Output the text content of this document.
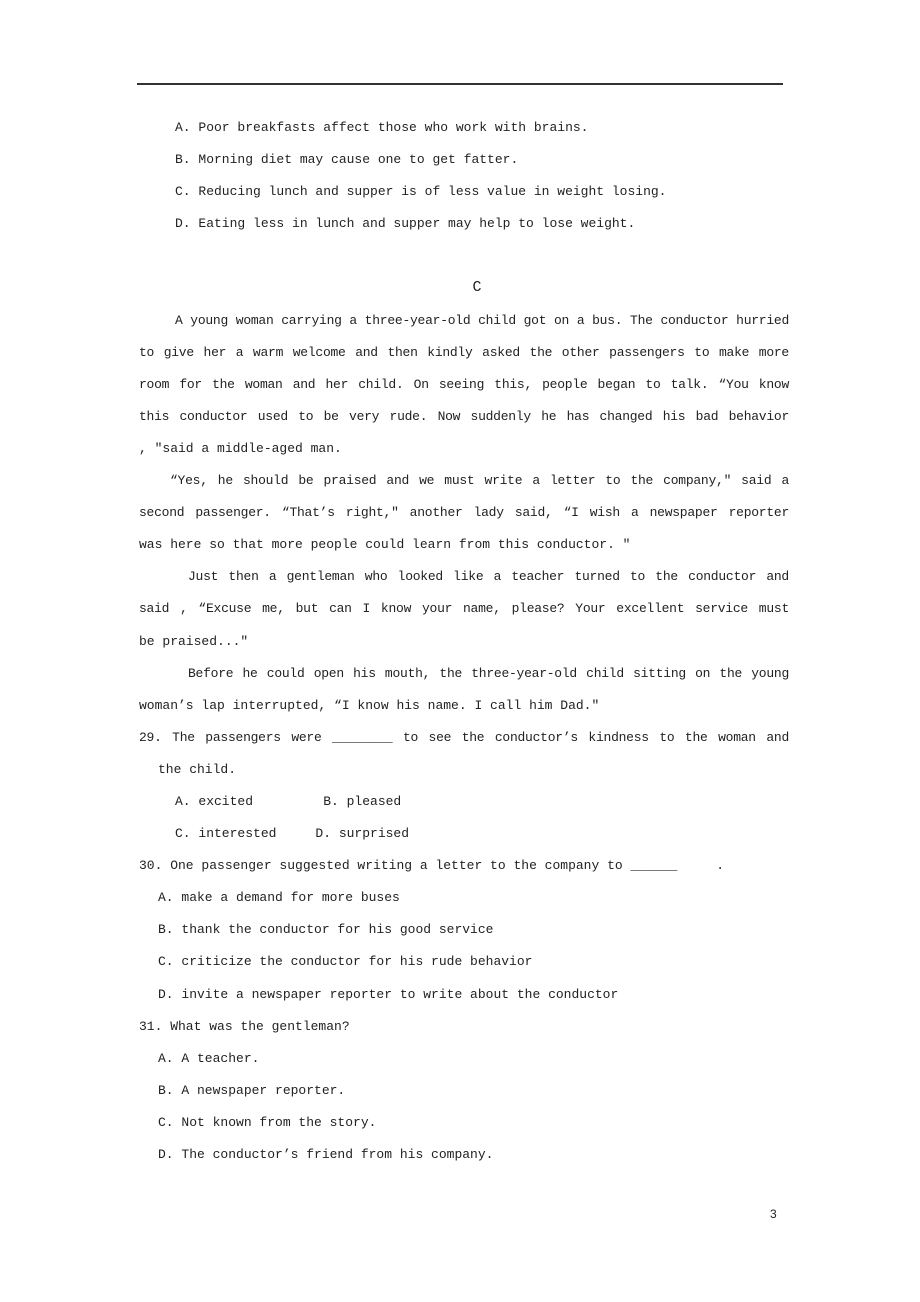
A. Poor breakfasts affect those who work with brains.
B. Morning diet may cause one to get fatter.
C. Reducing lunch and supper is of less value in weight losing.
D. Eating less in lunch and supper may help to lose weight.
C
A young woman carrying a three-year-old child got on a bus. The conductor hurried
to give her a warm welcome and then kindly asked the other passengers to make more
room for the woman and her child. On seeing this, people began to talk. “You know
this conductor used to be very rude. Now suddenly he has changed his bad behavior
, ″said a middle-aged man.
“Yes, he should be praised and we must write a letter to the company,″ said a
second passenger. “That’s right,″ another lady said, “I wish a newspaper reporter
was here so that more people could learn from this conductor. ″
Just then a gentleman who looked like a teacher turned to the conductor and
said , “Excuse me, but can I know your name, please? Your excellent service must
be praised...″
Before he could open his mouth, the three-year-old child sitting on the young
woman’s lap interrupted, “I know his name. I call him Dad.″
29. The passengers were ________ to see the conductor’s kindness to the woman and
the child.
A. excited         B. pleased
C. interested     D. surprised
30. One passenger suggested writing a letter to the company to ______     .
A. make a demand for more buses
B. thank the conductor for his good service
C. criticize the conductor for his rude behavior
D. invite a newspaper reporter to write about the conductor
31. What was the gentleman?
A. A teacher.
B. A newspaper reporter.
C. Not known from the story.
D. The conductor’s friend from his company.
3
